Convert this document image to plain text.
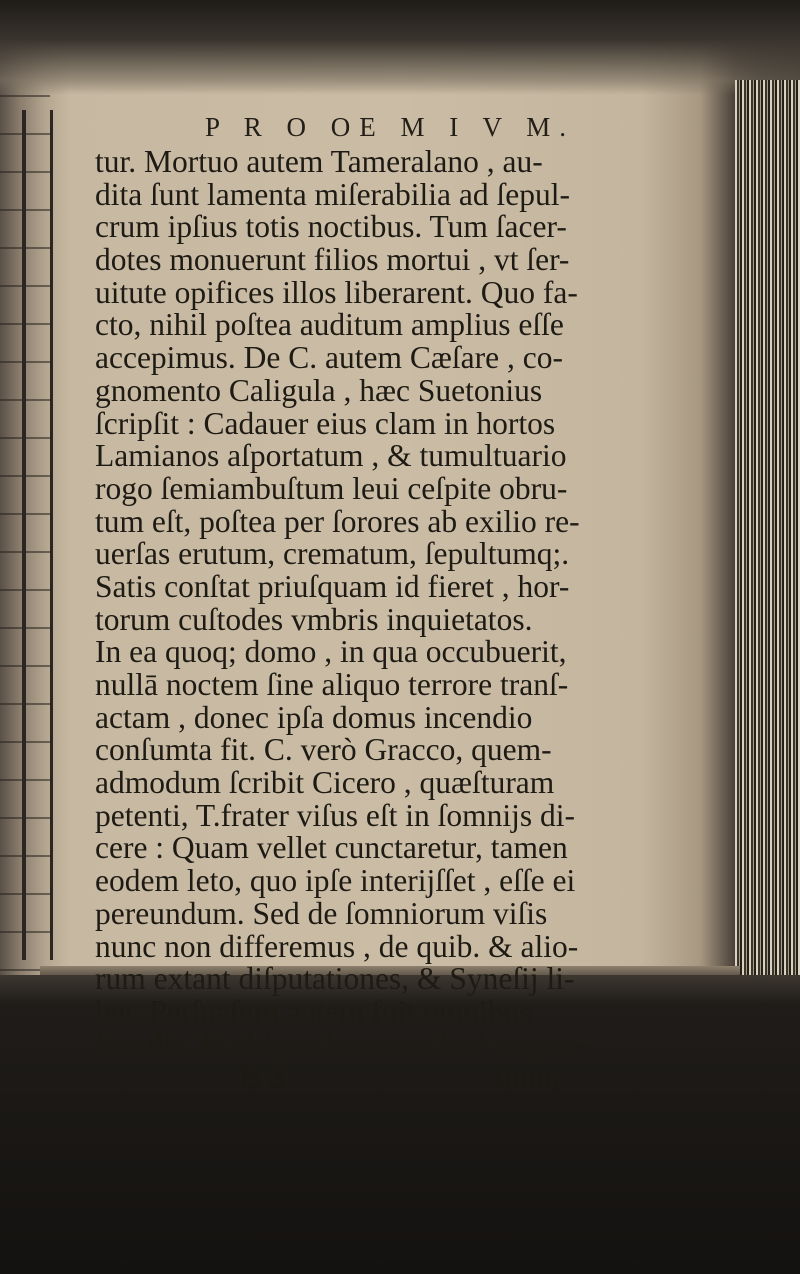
P R O OE M I V M.
tur. Mortuo autem Tameralano , au-
dita ſunt lamenta miſerabilia ad ſepul-
crum ipſius totis noctibus. Tum ſacer-
dotes monuerunt filios mortui , vt ſer-
uitute opifices illos liberarent. Quo fa-
cto, nihil poſtea auditum amplius eſſe
accepimus. De C. autem Cæſare , co-
gnomento Caligula , hæc Suetonius
ſcripſit : Cadauer eius clam in hortos
Lamianos aſportatum , & tumultuario
rogo ſemiambuſtum leui ceſpite obru-
tum eſt, poſtea per ſorores ab exilio re-
uerſas erutum, crematum, ſepultumq;.
Satis conſtat priuſquam id fieret , hor-
torum cuſtodes vmbris inquietatos.
In ea quoq; domo , in qua occubuerit,
nullā noctem ſine aliquo terrore tranſ-
actam , donec ipſa domus incendio
conſumta fit. C. verò Gracco, quem-
admodum ſcribit Cicero , quæſturam
petenti, T.frater viſus eſt in ſomnijs di-
cere : Quam vellet cunctaretur, tamen
eodem leto, quo ipſe interijſſet , eſſe ei
pereundum. Sed de ſomniorum viſis
nunc non differemus , de quib. & alio-
rum extant diſputationes, & Syneſij li-
ber. Perſuaſum autem fuit omnibus
ſæculis, & vbique locorum ferè ac gen-
B 3	tium,
